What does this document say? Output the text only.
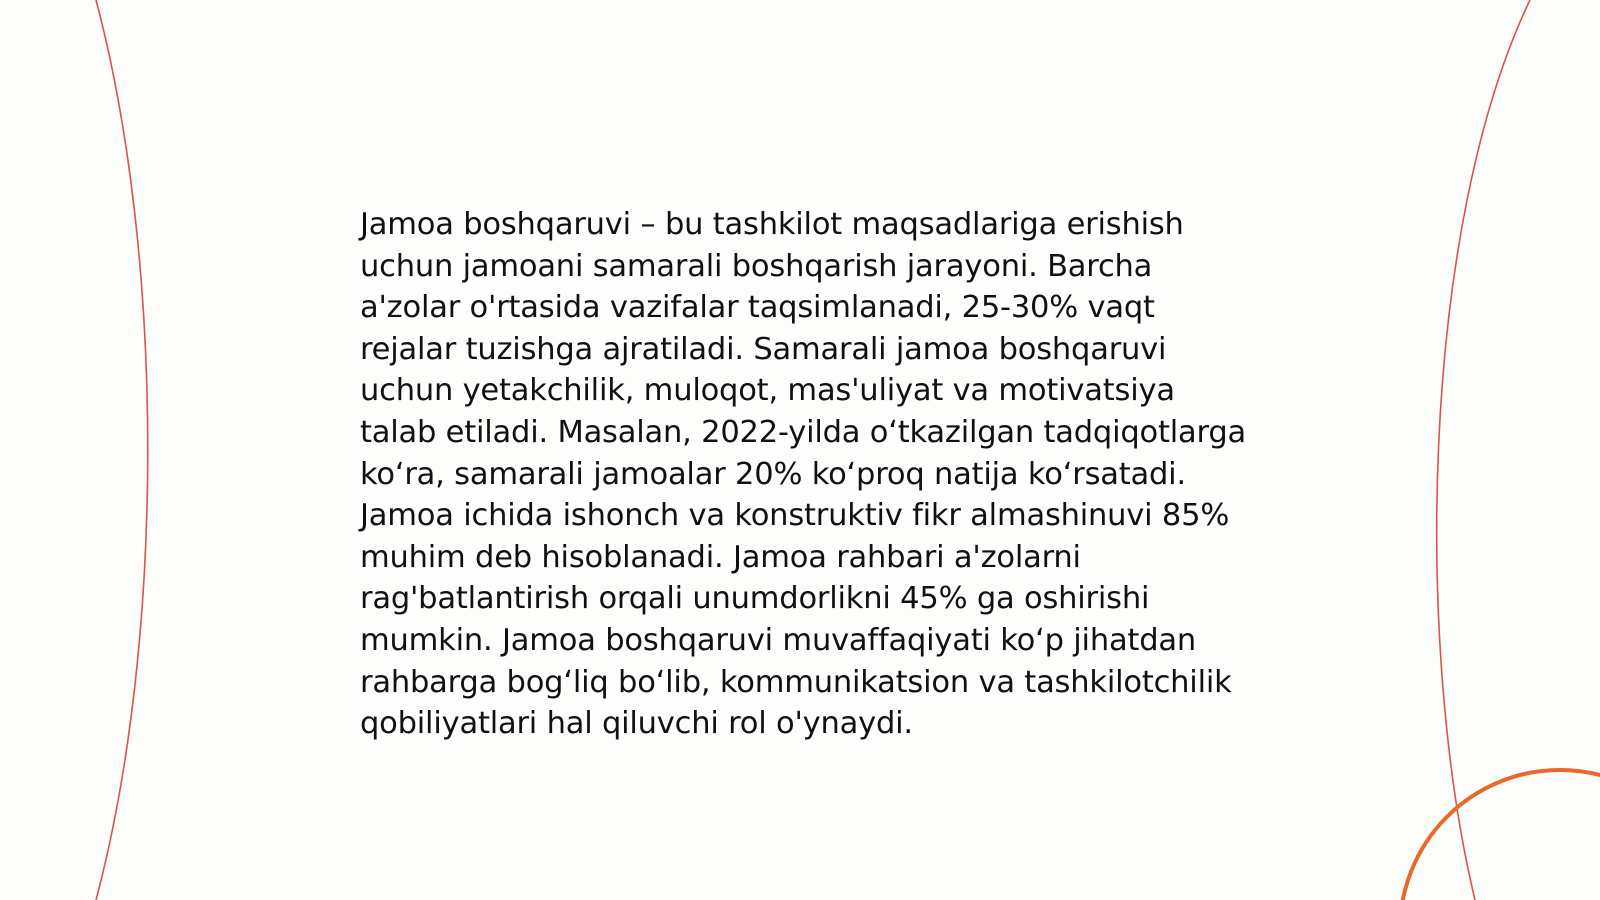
Jamoa boshqaruvi – bu tashkilot maqsadlariga erishish uchun jamoani samarali boshqarish jarayoni. Barcha a'zolar o'rtasida vazifalar taqsimlanadi, 25-30% vaqt rejalar tuzishga ajratiladi. Samarali jamoa boshqaruvi uchun yetakchilik, muloqot, mas'uliyat va motivatsiya talab etiladi. Masalan, 2022-yilda o‘tkazilgan tadqiqotlarga ko‘ra, samarali jamoalar 20% ko‘proq natija ko‘rsatadi. Jamoa ichida ishonch va konstruktiv fikr almashinuvi 85% muhim deb hisoblanadi. Jamoa rahbari a'zolarni rag'batlantirish orqali unumdorlikni 45% ga oshirishi mumkin. Jamoa boshqaruvi muvaffaqiyati ko‘p jihatdan rahbarga bog‘liq bo‘lib, kommunikatsion va tashkilotchilik qobiliyatlari hal qiluvchi rol o'ynaydi.
